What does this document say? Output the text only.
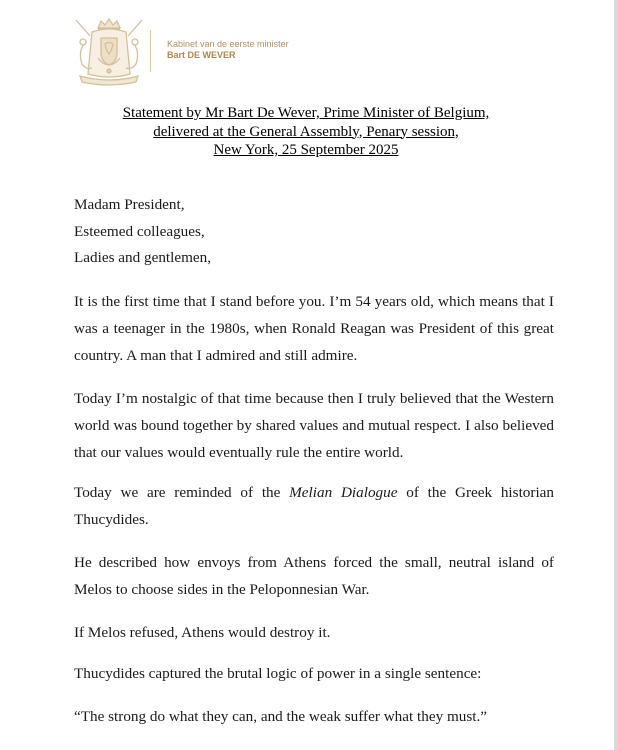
Kabinet van de eerste minister
Bart DE WEVER
Statement by Mr Bart De Wever, Prime Minister of Belgium,
delivered at the General Assembly, Penary session,
New York, 25 September 2025
Madam President,
Esteemed colleagues,
Ladies and gentlemen,

It is the first time that I stand before you. I’m 54 years old, which means that I was a teenager in the 1980s, when Ronald Reagan was President of this great country. A man that I admired and still admire.

Today I’m nostalgic of that time because then I truly believed that the Western world was bound together by shared values and mutual respect. I also believed that our values would eventually rule the entire world.

Today we are reminded of the Melian Dialogue of the Greek historian Thucydides.

He described how envoys from Athens forced the small, neutral island of Melos to choose sides in the Peloponnesian War.

If Melos refused, Athens would destroy it.

Thucydides captured the brutal logic of power in a single sentence:

“The strong do what they can, and the weak suffer what they must.”
